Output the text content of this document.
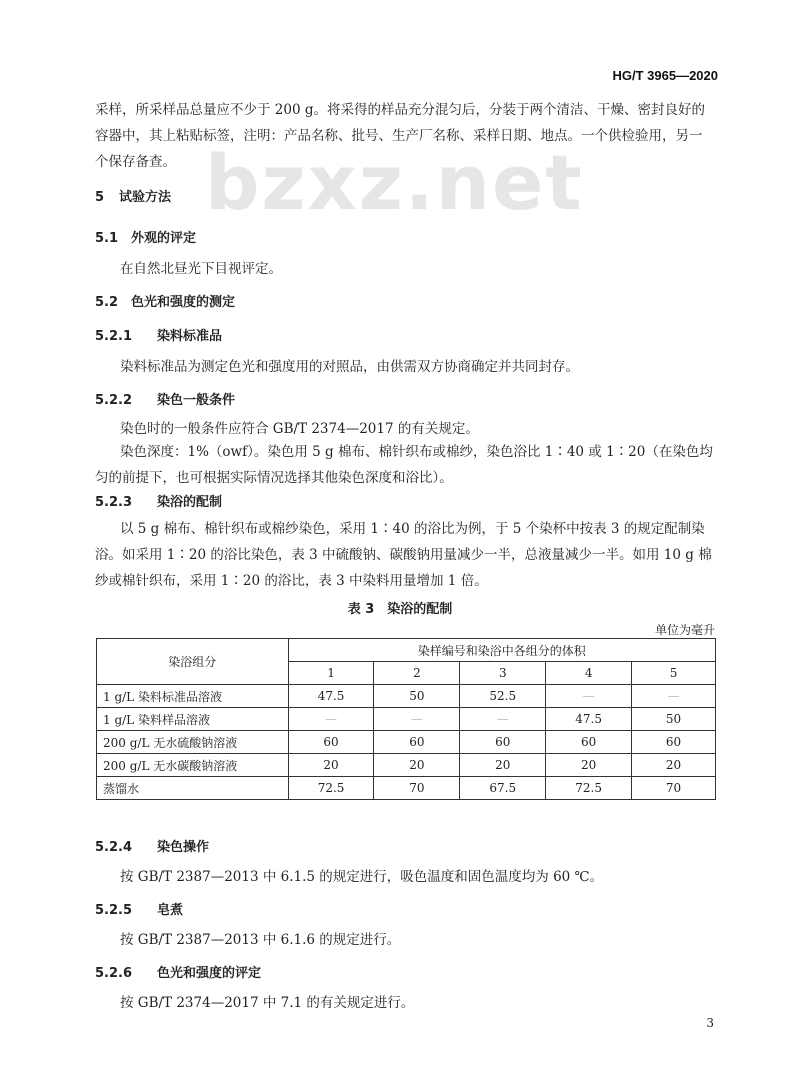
HG/T 3965—2020
bzxz.net

采样，所采样品总量应不少于 200 g。将采得的样品充分混匀后，分装于两个清洁、干燥、密封良好的容器中，其上粘贴标签，注明：产品名称、批号、生产厂名称、采样日期、地点。一个供检验用，另一个保存备查。

5 试验方法
5.1 外观的评定

在自然北昼光下目视评定。

5.2 色光和强度的测定
5.2.1 染料标准品

染料标准品为测定色光和强度用的对照品，由供需双方协商确定并共同封存。

5.2.2 染色一般条件

染色时的一般条件应符合 GB/T 2374—2017 的有关规定。

染色深度：1%（owf）。染色用 5 g 棉布、棉针织布或棉纱，染色浴比 1∶40 或 1∶20（在染色均匀的前提下，也可根据实际情况选择其他染色深度和浴比）。

5.2.3 染浴的配制

以 5 g 棉布、棉针织布或棉纱染色，采用 1∶40 的浴比为例，于 5 个染杯中按表 3 的规定配制染浴。如采用 1∶20 的浴比染色，表 3 中硫酸钠、碳酸钠用量减少一半，总液量减少一半。如用 10 g 棉纱或棉针织布，采用 1∶20 的浴比，表 3 中染料用量增加 1 倍。

表 3　染浴的配制
单位为毫升
染浴组分	染样编号和染浴中各组分的体积				
	1	2	3	4	5
1 g/L 染料标准品溶液	47.5	50	52.5	—	—
1 g/L 染料样品溶液	—	—	—	47.5	50
200 g/L 无水硫酸钠溶液	60	60	60	60	60
200 g/L 无水碳酸钠溶液	20	20	20	20	20
蒸馏水	72.5	70	67.5	72.5	70
5.2.4 染色操作

按 GB/T 2387—2013 中 6.1.5 的规定进行，吸色温度和固色温度均为 60 ℃。

5.2.5 皂煮

按 GB/T 2387—2013 中 6.1.6 的规定进行。

5.2.6 色光和强度的评定

按 GB/T 2374—2017 中 7.1 的有关规定进行。

3
